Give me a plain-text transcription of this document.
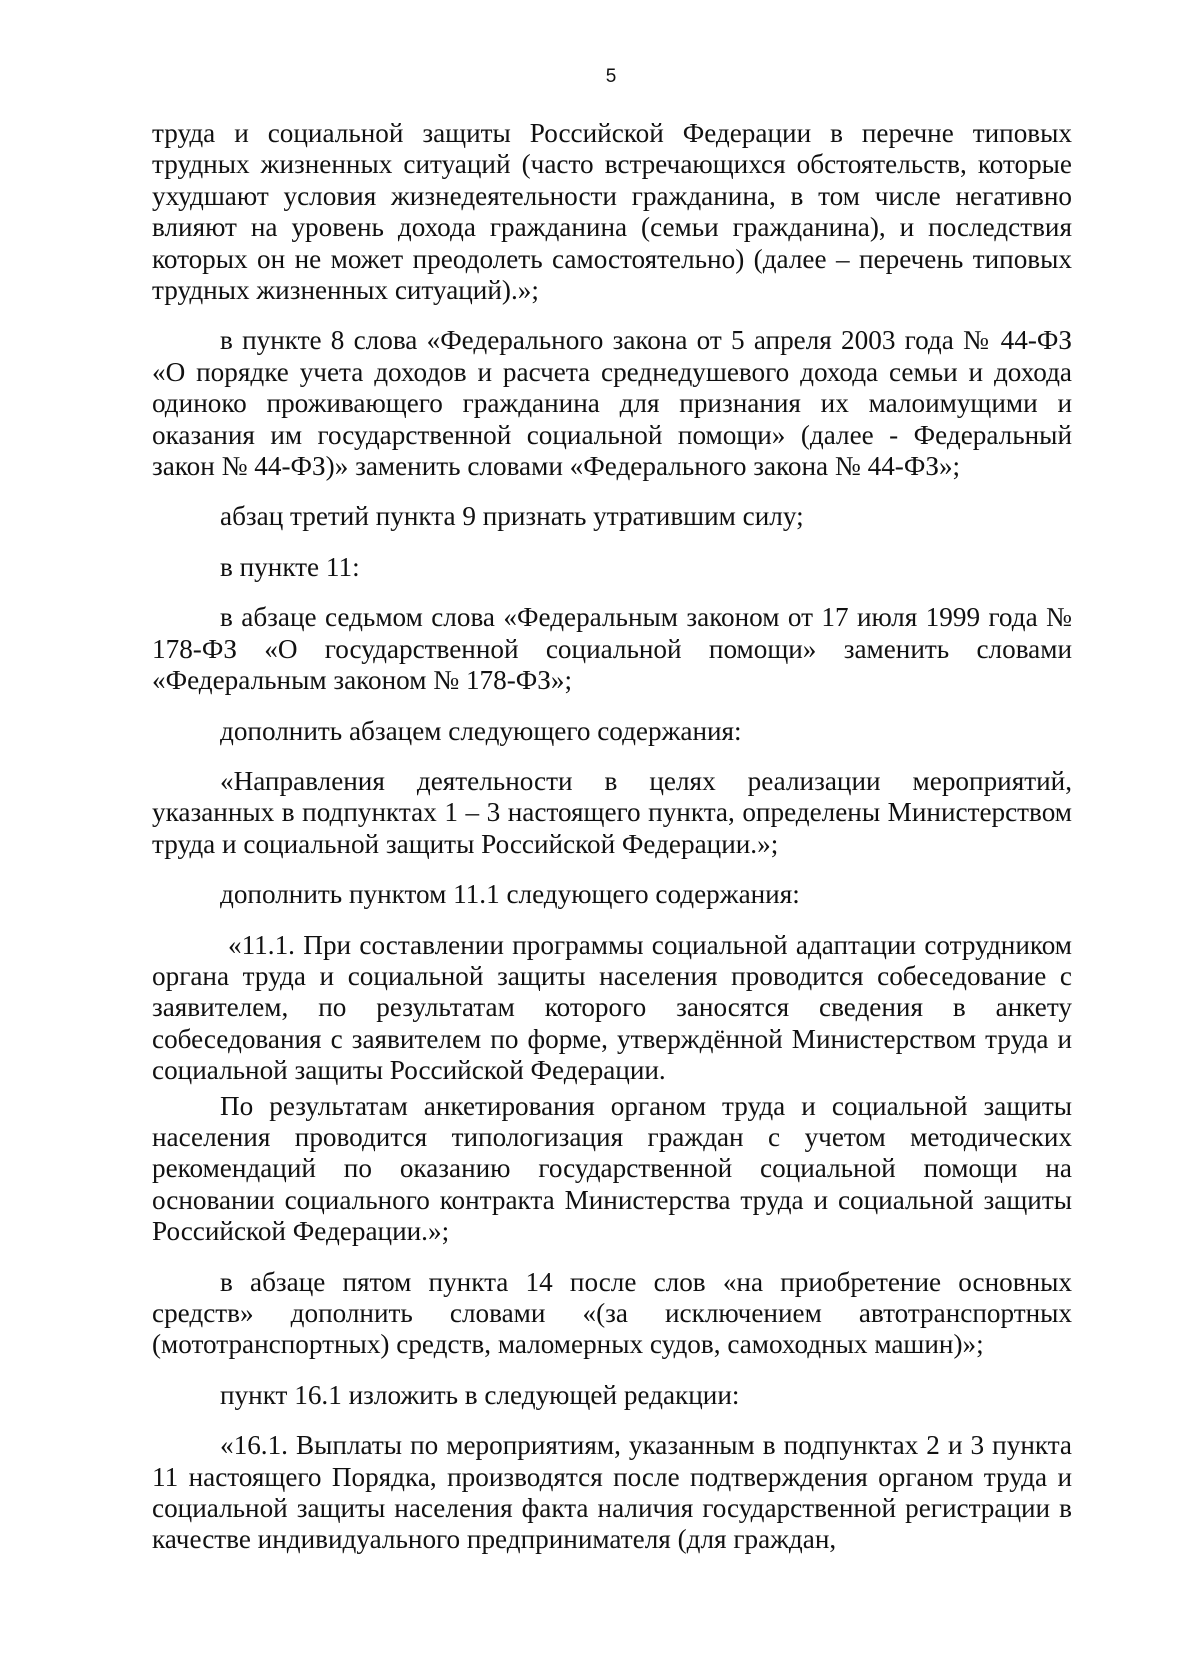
5

труда и социальной защиты Российской Федерации в перечне типовых трудных жизненных ситуаций (часто встречающихся обстоятельств, которые ухудшают условия жизнедеятельности гражданина, в том числе негативно влияют на уровень дохода гражданина (семьи гражданина), и последствия которых он не может преодолеть самостоятельно) (далее – перечень типовых трудных жизненных ситуаций).»;

в пункте 8 слова «Федерального закона от 5 апреля 2003 года № 44-ФЗ «О порядке учета доходов и расчета среднедушевого дохода семьи и дохода одиноко проживающего гражданина для признания их малоимущими и оказания им государственной социальной помощи» (далее - Федеральный закон № 44-ФЗ)» заменить словами «Федерального закона № 44-ФЗ»;

абзац третий пункта 9 признать утратившим силу;

в пункте 11:

в абзаце седьмом слова «Федеральным законом от 17 июля 1999 года № 178-ФЗ «О государственной социальной помощи» заменить словами «Федеральным законом № 178-ФЗ»;

дополнить абзацем следующего содержания:

«Направления деятельности в целях реализации мероприятий, указанных в подпунктах 1 – 3 настоящего пункта, определены Министерством труда и социальной защиты Российской Федерации.»;

дополнить пунктом 11.1 следующего содержания:

«11.1. При составлении программы социальной адаптации сотрудником органа труда и социальной защиты населения проводится собеседование с заявителем, по результатам которого заносятся сведения в анкету собеседования с заявителем по форме, утверждённой Министерством труда и социальной защиты Российской Федерации.

По результатам анкетирования органом труда и социальной защиты населения проводится типологизация граждан с учетом методических рекомендаций по оказанию государственной социальной помощи на основании социального контракта Министерства труда и социальной защиты Российской Федерации.»;

в абзаце пятом пункта 14 после слов «на приобретение основных средств» дополнить словами «(за исключением автотранспортных (мототранспортных) средств, маломерных судов, самоходных машин)»;

пункт 16.1 изложить в следующей редакции:

«16.1. Выплаты по мероприятиям, указанным в подпунктах 2 и 3 пункта 11 настоящего Порядка, производятся после подтверждения органом труда и социальной защиты населения факта наличия государственной регистрации в качестве индивидуального предпринимателя (для граждан,
